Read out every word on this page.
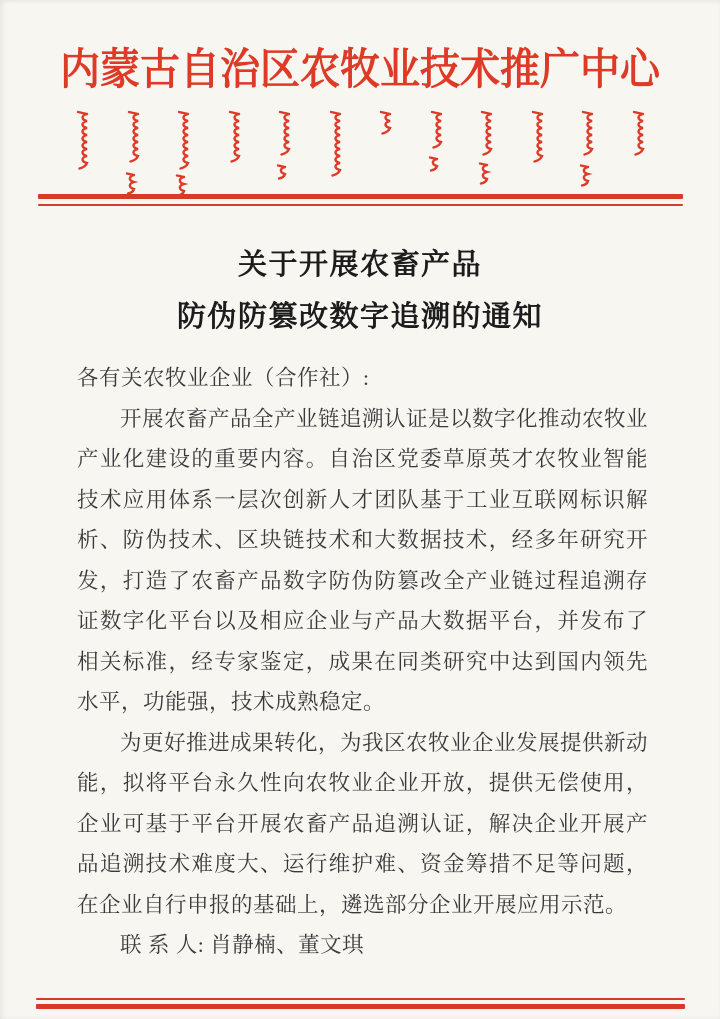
内蒙古自治区农牧业技术推广中心
关于开展农畜产品
防伪防篡改数字追溯的通知

各有关农牧业企业（合作社）:

开展农畜产品全产业链追溯认证是以数字化推动农牧业产业化建设的重要内容。自治区党委草原英才农牧业智能技术应用体系一层次创新人才团队基于工业互联网标识解析、防伪技术、区块链技术和大数据技术，经多年研究开发，打造了农畜产品数字防伪防篡改全产业链过程追溯存证数字化平台以及相应企业与产品大数据平台，并发布了相关标准，经专家鉴定，成果在同类研究中达到国内领先水平，功能强，技术成熟稳定。

为更好推进成果转化，为我区农牧业企业发展提供新动能，拟将平台永久性向农牧业企业开放，提供无偿使用，企业可基于平台开展农畜产品追溯认证，解决企业开展产品追溯技术难度大、运行维护难、资金筹措不足等问题，在企业自行申报的基础上，遴选部分企业开展应用示范。

联 系 人: 肖静楠、董文琪
